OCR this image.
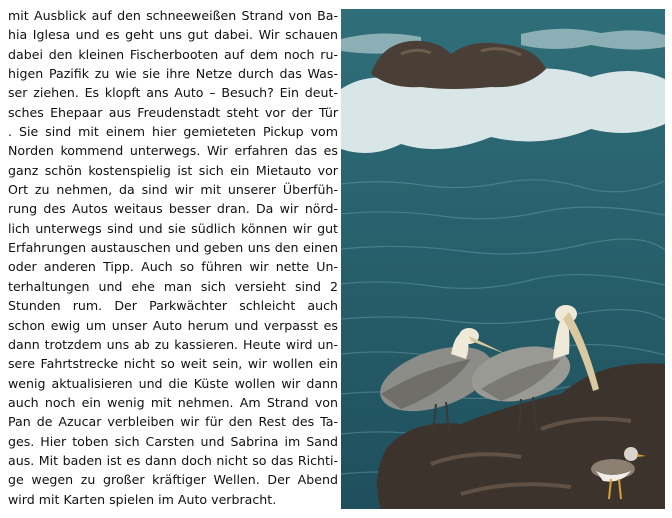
mit Ausblick auf den schneeweißen Strand von Ba-
hia Iglesa und es geht uns gut dabei. Wir schauen
dabei den kleinen Fischerbooten auf dem noch ru-
higen Pazifik zu wie sie ihre Netze durch das Was-
ser ziehen. Es klopft ans Auto – Besuch? Ein deut-
sches Ehepaar aus Freudenstadt steht vor der Tür
. Sie sind mit einem hier gemieteten Pickup vom
Norden kommend unterwegs. Wir erfahren das es
ganz schön kostenspielig ist sich ein Mietauto vor
Ort zu nehmen, da sind wir mit unserer Überfüh-
rung des Autos weitaus besser dran. Da wir nörd-
lich unterwegs sind und sie südlich können wir gut
Erfahrungen austauschen und geben uns den einen
oder anderen Tipp. Auch so führen wir nette Un-
terhaltungen und ehe man sich versieht sind 2
Stunden rum. Der Parkwächter schleicht auch
schon ewig um unser Auto herum und verpasst es
dann trotzdem uns ab zu kassieren. Heute wird un-
sere Fahrtstrecke nicht so weit sein, wir wollen ein
wenig aktualisieren und die Küste wollen wir dann
auch noch ein wenig mit nehmen. Am Strand von
Pan de Azucar verbleiben wir für den Rest des Ta-
ges. Hier toben sich Carsten und Sabrina im Sand
aus. Mit baden ist es dann doch nicht so das Richti-
ge wegen zu großer kräftiger Wellen. Der Abend
wird mit Karten spielen im Auto verbracht.
